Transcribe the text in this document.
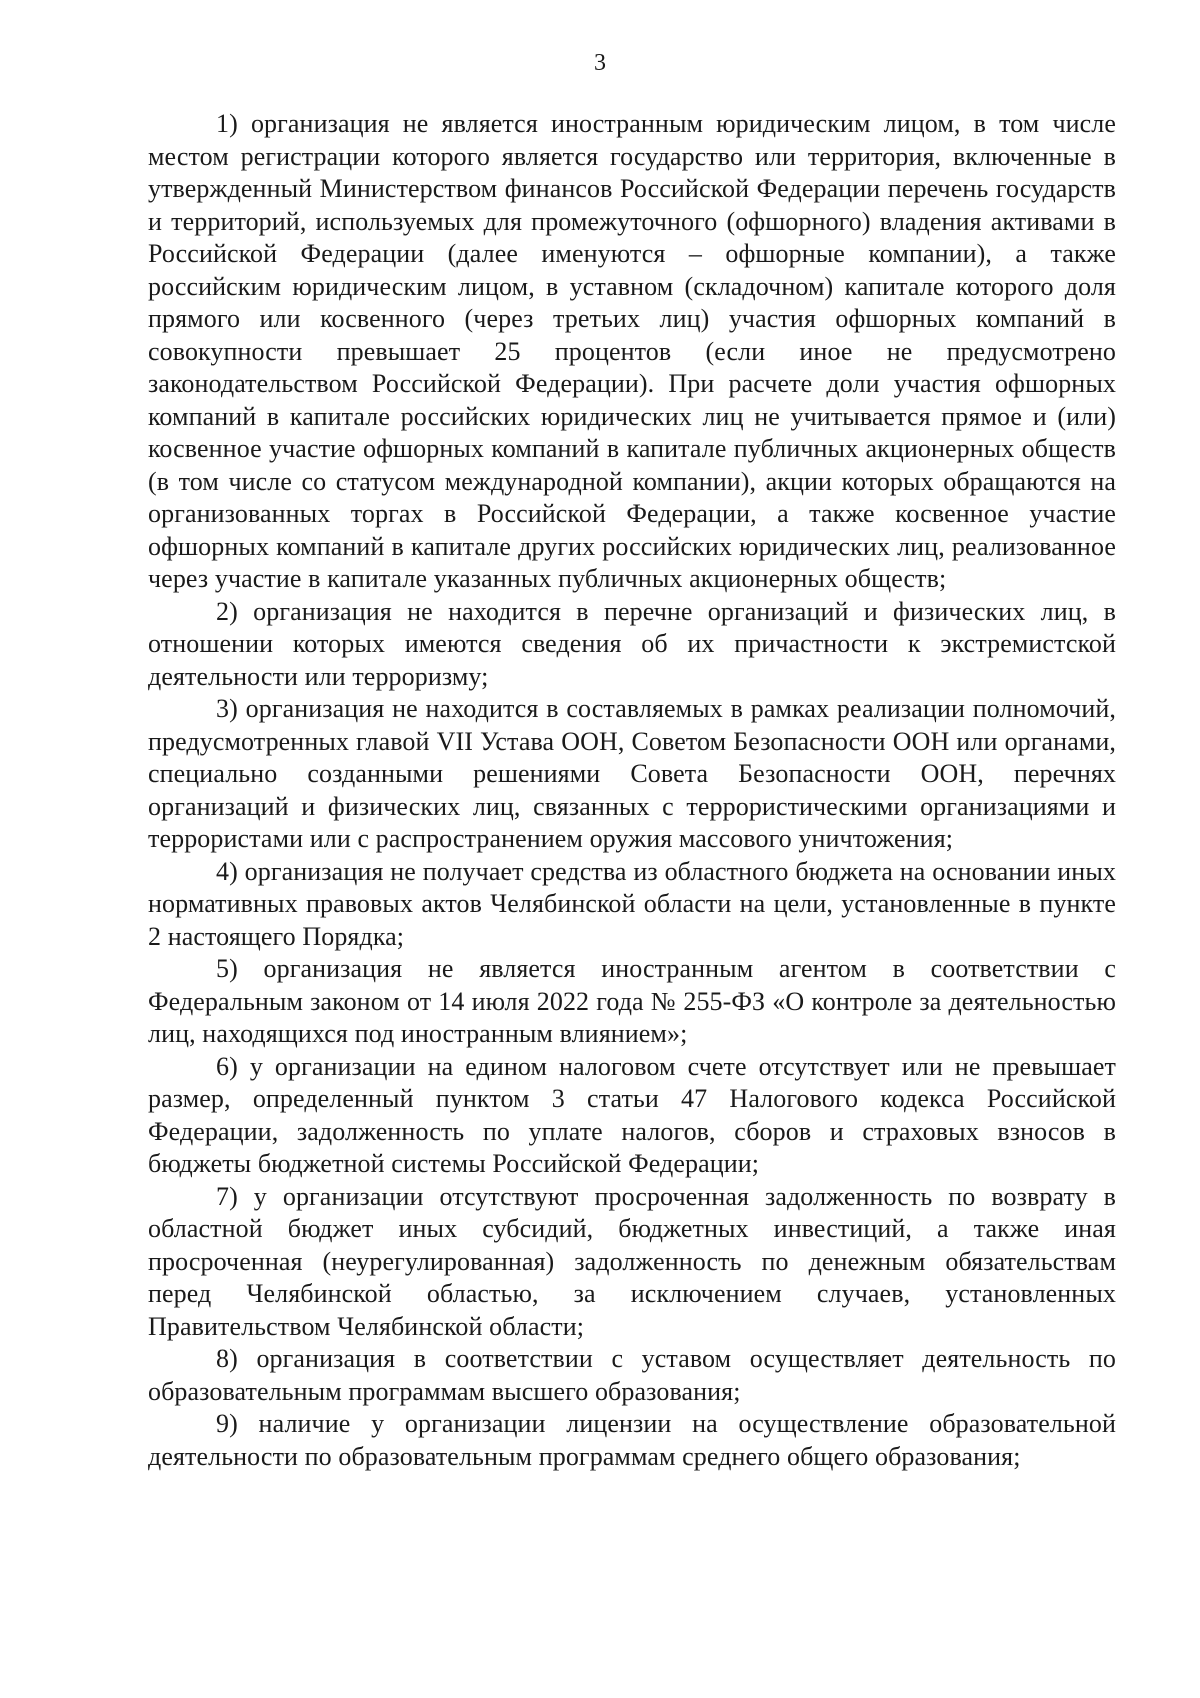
3

1) организация не является иностранным юридическим лицом, в том числе местом регистрации которого является государство или территория, включенные в утвержденный Министерством финансов Российской Федерации перечень государств и территорий, используемых для промежуточного (офшорного) владения активами в Российской Федерации (далее именуются – офшорные компании), а также российским юридическим лицом, в уставном (складочном) капитале которого доля прямого или косвенного (через третьих лиц) участия офшорных компаний в совокупности превышает 25 процентов (если иное не предусмотрено законодательством Российской Федерации). При расчете доли участия офшорных компаний в капитале российских юридических лиц не учитывается прямое и (или) косвенное участие офшорных компаний в капитале публичных акционерных обществ (в том числе со статусом международной компании), акции которых обращаются на организованных торгах в Российской Федерации, а также косвенное участие офшорных компаний в капитале других российских юридических лиц, реализованное через участие в капитале указанных публичных акционерных обществ;

2) организация не находится в перечне организаций и физических лиц, в отношении которых имеются сведения об их причастности к экстремистской деятельности или терроризму;

3) организация не находится в составляемых в рамках реализации полномочий, предусмотренных главой VII Устава ООН, Советом Безопасности ООН или органами, специально созданными решениями Совета Безопасности ООН, перечнях организаций и физических лиц, связанных с террористическими организациями и террористами или с распространением оружия массового уничтожения;

4) организация не получает средства из областного бюджета на основании иных нормативных правовых актов Челябинской области на цели, установленные в пункте 2 настоящего Порядка;

5) организация не является иностранным агентом в соответствии с Федеральным законом от 14 июля 2022 года № 255-ФЗ «О контроле за деятельностью лиц, находящихся под иностранным влиянием»;

6) у организации на едином налоговом счете отсутствует или не превышает размер, определенный пунктом 3 статьи 47 Налогового кодекса Российской Федерации, задолженность по уплате налогов, сборов и страховых взносов в бюджеты бюджетной системы Российской Федерации;

7) у организации отсутствуют просроченная задолженность по возврату в областной бюджет иных субсидий, бюджетных инвестиций, а также иная просроченная (неурегулированная) задолженность по денежным обязательствам перед Челябинской областью, за исключением случаев, установленных Правительством Челябинской области;

8) организация в соответствии с уставом осуществляет деятельность по образовательным программам высшего образования;

9) наличие у организации лицензии на осуществление образовательной деятельности по образовательным программам среднего общего образования;
